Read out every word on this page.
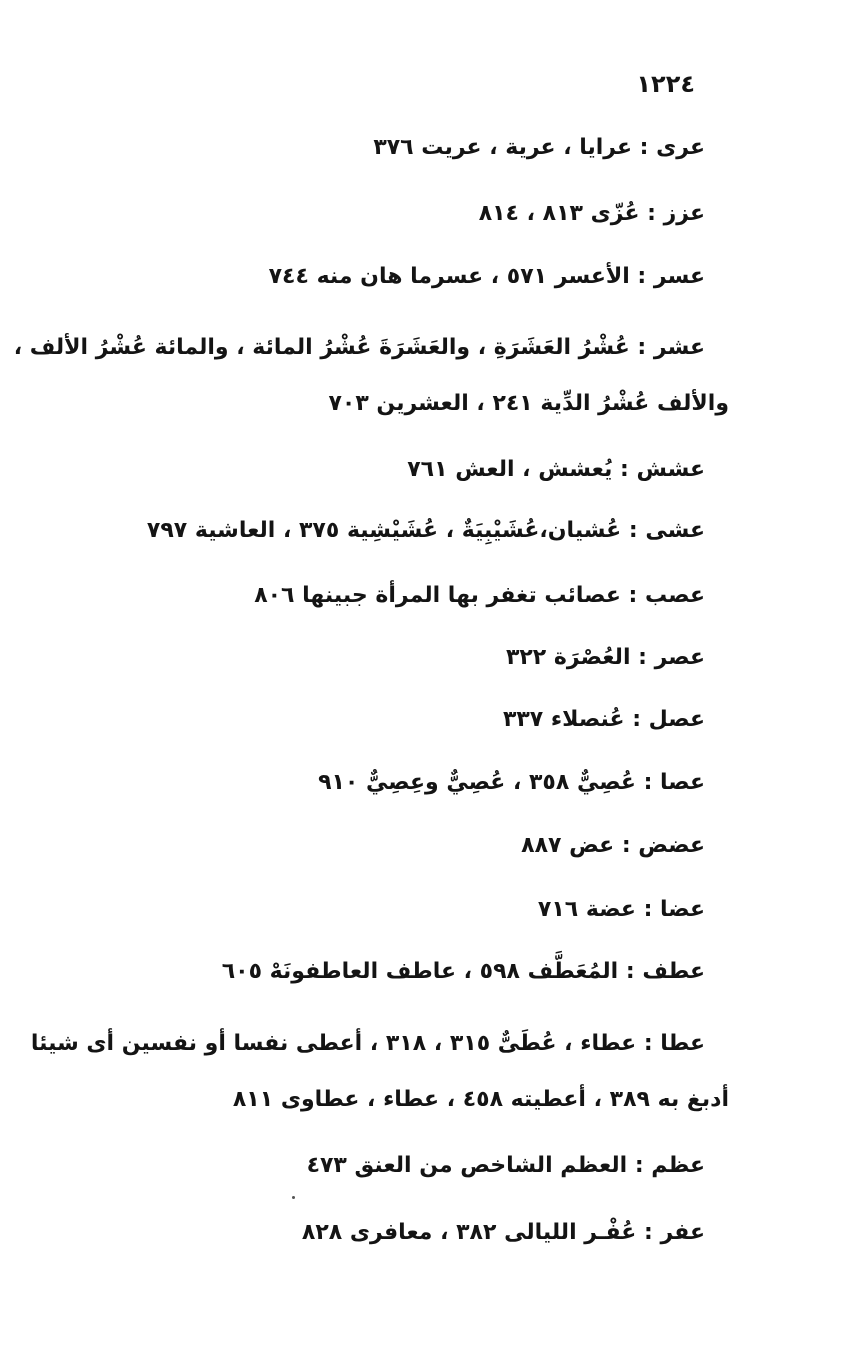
١٢٢٤
عرى : عرايا ، عرية ، عريت ٣٧٦
عزز : عُزّى ٨١٣ ، ٨١٤
عسر : الأعسر ٥٧١ ، عسرما هان منه ٧٤٤
عشر : عُشْرُ العَشَرَةِ ، والعَشَرَةَ عُشْرُ المائة ، والمائة عُشْرُ الألف ،
والألف عُشْرُ الدِّية ٢٤١ ، العشرين ٧٠٣
عشش : يُعشش ، العش ٧٦١
عشى : عُشيان،عُشَيْبِيَةٌ ، عُشَيْشِية ٣٧٥ ، العاشية ٧٩٧
عصب : عصائب تغفر بها المرأة جبينها ٨٠٦
عصر : العُصْرَة ٣٢٢
عصل : عُنصلاء ٣٣٧
عصا : عُصِيٌّ ٣٥٨ ، عُصِيٌّ وعِصِيٌّ ٩١٠
عضض : عض ٨٨٧
عضا : عضة ٧١٦
عطف : المُعَطَّف ٥٩٨ ، عاطف العاطفونَهْ ٦٠٥
عطا : عطاء ، عُطَىٌّ ٣١٥ ، ٣١٨ ، أعطى نفسا أو نفسين أى شيئا
أدبغ به ٣٨٩ ، أعطيته ٤٥٨ ، عطاء ، عطاوى ٨١١
عظم : العظم الشاخص من العنق ٤٧٣
عفر : عُفْـر الليالى ٣٨٢ ، معافرى ٨٢٨
